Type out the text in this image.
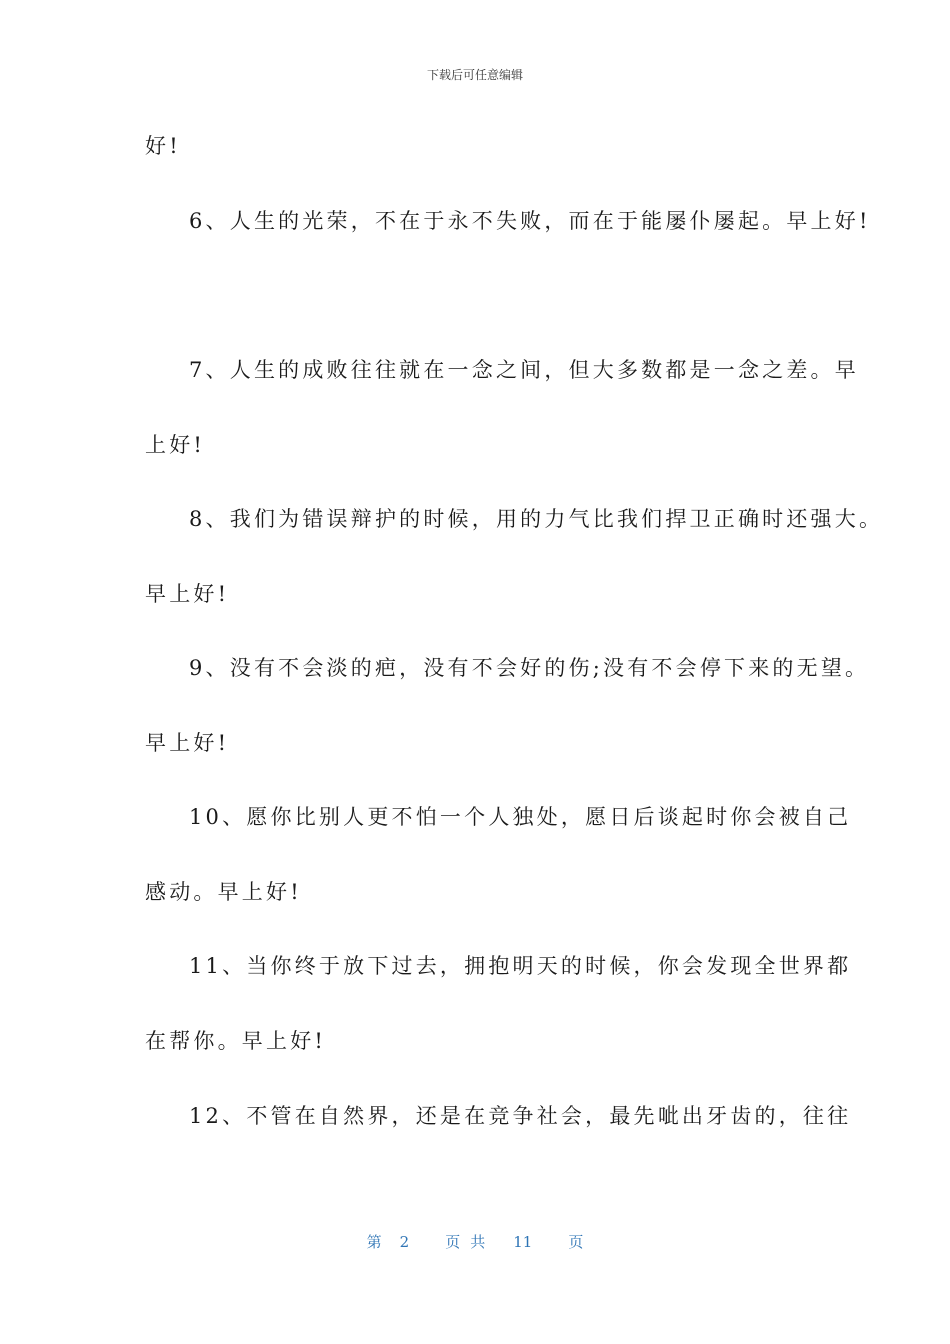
下载后可任意编辑
好!
6、人生的光荣，不在于永不失败，而在于能屡仆屡起。早上好!
7、人生的成败往往就在一念之间，但大多数都是一念之差。早
上好!
8、我们为错误辩护的时候，用的力气比我们捍卫正确时还强大。
早上好!
9、没有不会淡的疤，没有不会好的伤;没有不会停下来的无望。
早上好!
10、愿你比别人更不怕一个人独处，愿日后谈起时你会被自己
感动。早上好!
11、当你终于放下过去，拥抱明天的时候，你会发现全世界都
在帮你。早上好!
12、不管在自然界，还是在竞争社会，最先呲出牙齿的，往往
第 2 页共 11 页
